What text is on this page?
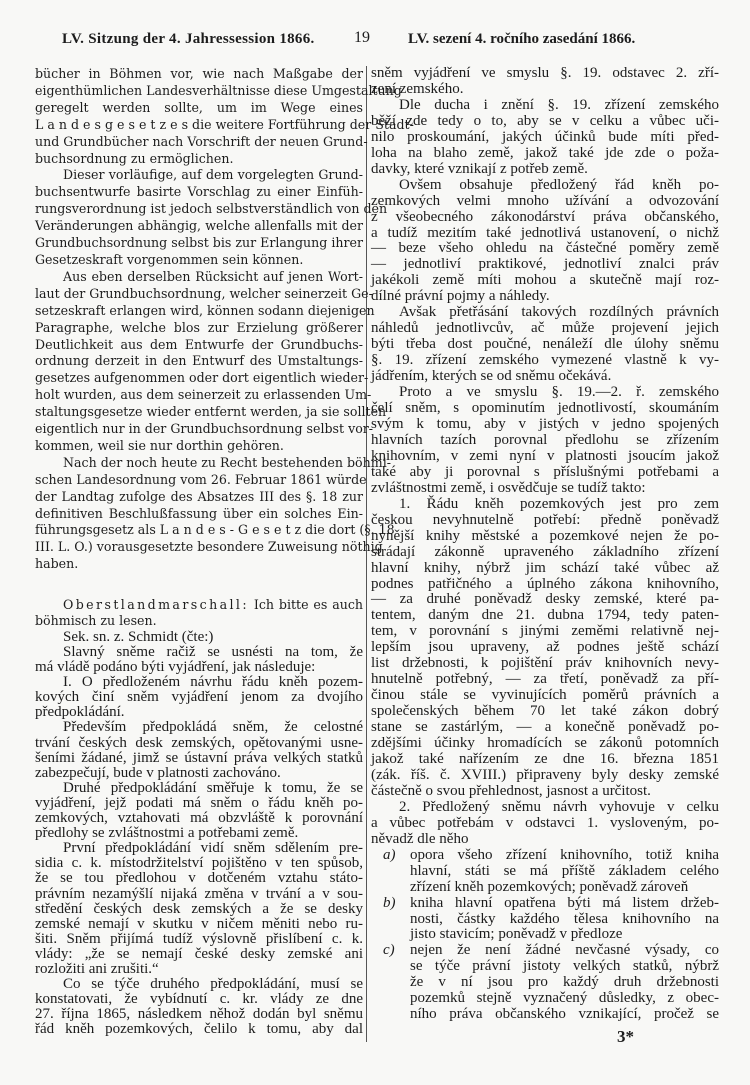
LV. Sitzung der 4. Jahressession 1866. 19	LV. sezení 4. ročního zasedání 1866.
bücher in Böhmen vor, wie nach Maßgabe der
eigenthümlichen Landesverhältnisse diese Umgestaltung
geregelt werden sollte, um im Wege eines
L a n d e s g e s e t z e s die weitere Fortführung der Stadt-
und Grundbücher nach Vorschrift der neuen Grund-
buchsordnung zu ermöglichen.
Dieser vorläufige, auf dem vorgelegten Grund-
buchsentwurfe basirte Vorschlag zu einer Einfüh-
rungsverordnung ist jedoch selbstverständlich von den
Veränderungen abhängig, welche allenfalls mit der
Grundbuchsordnung selbst bis zur Erlangung ihrer
Gesetzeskraft vorgenommen sein können.
Aus eben derselben Rücksicht auf jenen Wort-
laut der Grundbuchsordnung, welcher seinerzeit Ge-
setzeskraft erlangen wird, können sodann diejenigen
Paragraphe, welche blos zur Erzielung größerer
Deutlichkeit aus dem Entwurfe der Grundbuchs-
ordnung derzeit in den Entwurf des Umstaltungs-
gesetzes aufgenommen oder dort eigentlich wieder-
holt wurden, aus dem seinerzeit zu erlassenden Um-
staltungsgesetze wieder entfernt werden, ja sie sollten
eigentlich nur in der Grundbuchsordnung selbst vor-
kommen, weil sie nur dorthin gehören.
Nach der noch heute zu Recht bestehenden böhmi-
schen Landesordnung vom 26. Februar 1861 würde
der Landtag zufolge des Absatzes III des §. 18 zur
definitiven Beschlußfassung über ein solches Ein-
führungsgesetz als L a n d e s - G e s e t z die dort (§. 18
III. L. O.) vorausgesetzte besondere Zuweisung nöthig
haben.
Oberstlandmarschall: Ich bitte es auch
böhmisch zu lesen.
Sek. sn. z. Schmidt (čte:)
Slavný sněme račiž se usnésti na tom, že
má vládě podáno býti vyjádření, jak následuje:
I. O předloženém návrhu řádu kněh pozem-
kových činí sněm vyjádření jenom za dvojího
předpokládání.
Především předpokládá sněm, že celostné
trvání českých desk zemských, opětovanými usne-
šeními žádané, jimž se ústavní práva velkých statků
zabezpečují, bude v platnosti zachováno.
Druhé předpokládání směřuje k tomu, že se
vyjádření, jejž podati má sněm o řádu kněh po-
zemkových, vztahovati má obzvláště k porovnání
předlohy se zvláštnostmi a potřebami země.
První předpokládání vidí sněm sdělením pre-
sidia c. k. místodržitelství pojištěno v ten spůsob,
že se tou předlohou v dotčeném vztahu státo-
právním nezamýšlí nijaká změna v trvání a v sou-
středění českých desk zemských a že se desky
zemské nemají v skutku v ničem měniti nebo ru-
šiti. Sněm přijímá tudíž výslovně přislíbení c. k.
vlády: „že se nemají české desky zemské ani
rozložiti ani zrušiti.“
Co se týče druhého předpokládání, musí se
konstatovati, že vybídnutí c. kr. vlády ze dne
27. října 1865, následkem něhož dodán byl sněmu
řád kněh pozemkových, čelilo k tomu, aby dal
sněm vyjádření ve smyslu §. 19. odstavec 2. zří-
zení zemského.
Dle ducha i znění §. 19. zřízení zemského
běží zde tedy o to, aby se v celku a vůbec uči-
nilo proskoumání, jakých účinků bude míti před-
loha na blaho země, jakož také jde zde o poža-
davky, které vznikají z potřeb země.
Ovšem obsahuje předložený řád kněh po-
zemkových velmi mnoho užívání a odvozování
z všeobecného zákonodárství práva občanského,
a tudíž mezitím také jednotlivá ustanovení, o nichž
— beze všeho ohledu na částečné poměry země
— jednotliví praktikové, jednotliví znalci práv
jakékoli země míti mohou a skutečně mají roz-
dílné právní pojmy a náhledy.
Avšak přetřásání takových rozdílných právních
náhledů jednotlivcův, ač může projevení jejich
býti třeba dost poučné, nenáleží dle úlohy sněmu
§. 19. zřízení zemského vymezené vlastně k vy-
jádřením, kterých se od sněmu očekává.
Proto a ve smyslu §. 19.—2. ř. zemského
čelí sněm, s opominutím jednotlivostí, skoumáním
svým k tomu, aby v jistých v jedno spojených
hlavních tazích porovnal předlohu se zřízením
knihovním, v zemi nyní v platnosti jsoucím jakož
také aby ji porovnal s příslušnými potřebami a
zvláštnostmi země, i osvědčuje se tudíž takto:
1. Řádu kněh pozemkových jest pro zem
českou nevyhnutelně potřebí: předně poněvadž
nynější knihy městské a pozemkové nejen že po-
strádají zákonně upraveného základního zřízení
hlavní knihy, nýbrž jim schází také vůbec až
podnes patřičného a úplného zákona knihovního,
— za druhé poněvadž desky zemské, které pa-
tentem, daným dne 21. dubna 1794, tedy paten-
tem, v porovnání s jinými zeměmi relativně nej-
lepším jsou upraveny, až podnes ještě schází
list držebnosti, k pojištění práv knihovních nevy-
hnutelně potřebný, — za třetí, poněvadž za pří-
činou stále se vyvinujících poměrů právních a
společenských během 70 let také zákon dobrý
stane se zastárlým, — a konečně poněvadž po-
zdějšími účinky hromadících se zákonů potomních
jakož také nařízením ze dne 16. března 1851
(zák. říš. č. XVIII.) připraveny byly desky zemské
částečně o svou přehlednost, jasnost a určitost.
2. Předložený sněmu návrh vyhovuje v celku
a vůbec potřebám v odstavci 1. vysloveným, po-
něvadž dle něho
a) opora všeho zřízení knihovního, totiž kniha
hlavní, státi se má příště základem celého
zřízení kněh pozemkových; poněvadž zároveň
b) kniha hlavní opatřena býti má listem držeb-
nosti, částky každého tělesa knihovního na
jisto stavicím; poněvadž v předloze
c) nejen že není žádné nevčasné výsady, co
se týče právní jistoty velkých statků, nýbrž
že v ní jsou pro každý druh držebnosti
pozemků stejně vyznačený důsledky, z obec-
ního práva občanského vznikající, pročež se
3*
